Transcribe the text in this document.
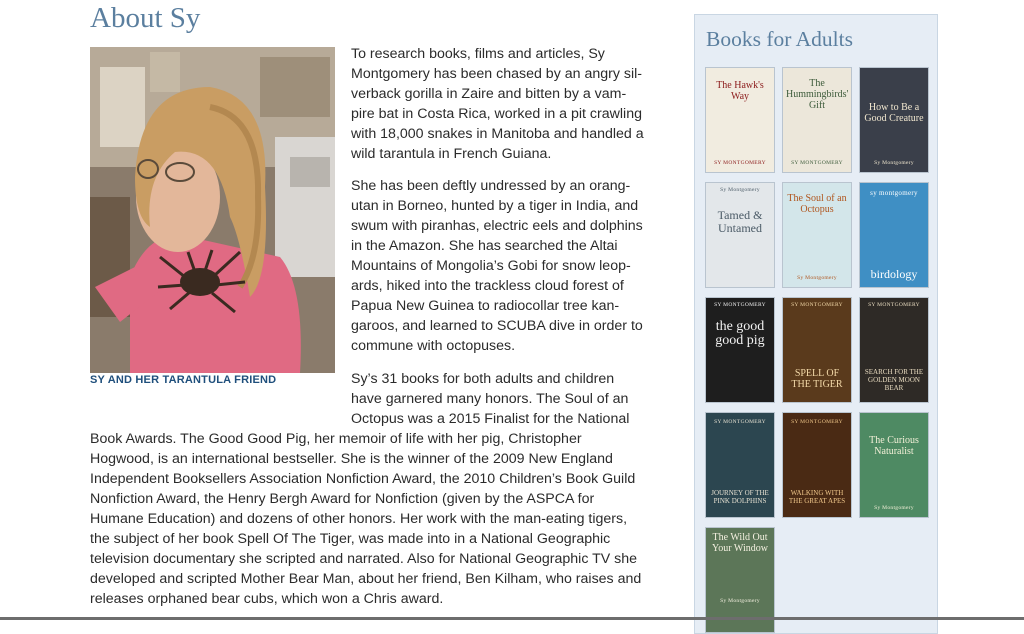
About Sy
SY AND HER TARANTULA FRIEND

To research books, films and articles, Sy
Montgomery has been chased by an angry sil-
verback gorilla in Zaire and bitten by a vam-
pire bat in Costa Rica, worked in a pit crawling
with 18,000 snakes in Manitoba and handled a
wild tarantula in French Guiana.

She has been deftly undressed by an orang-
utan in Borneo, hunted by a tiger in India, and
swum with piranhas, electric eels and dolphins
in the Amazon. She has searched the Altai
Mountains of Mongolia’s Gobi for snow leop-
ards, hiked into the trackless cloud forest of
Papua New Guinea to radiocollar tree kan-
garoos, and learned to SCUBA dive in order to
commune with octopuses.

Sy’s 31 books for both adults and children
have garnered many honors. The Soul of an
Octopus was a 2015 Finalist for the National

Book Awards. The Good Good Pig, her memoir of life with her pig, Christopher
Hogwood, is an international bestseller. She is the winner of the 2009 New England
Independent Booksellers Association Nonfiction Award, the 2010 Children’s Book Guild
Nonfiction Award, the Henry Bergh Award for Nonfiction (given by the ASPCA for
Humane Education) and dozens of other honors. Her work with the man-eating tigers,
the subject of her book Spell Of The Tiger, was made into in a National Geographic
television documentary she scripted and narrated. Also for National Geographic TV she
developed and scripted Mother Bear Man, about her friend, Ben Kilham, who raises and
releases orphaned bear cubs, which won a Chris award.

Books for Adults
The Hawk's Way
SY MONTGOMERY
The Hummingbirds' Gift
SY MONTGOMERY
How to Be a Good Creature
Sy Montgomery
Tamed & Untamed
Sy Montgomery
The Soul of an Octopus
Sy Montgomery	birdology
sy montgomery
the good good pig
SY MONTGOMERY
SPELL OF THE TIGER
SY MONTGOMERY
SEARCH FOR THE GOLDEN MOON BEAR
SY MONTGOMERY
JOURNEY OF THE PINK DOLPHINS
SY MONTGOMERY
WALKING WITH THE GREAT APES
SY MONTGOMERY
The Curious Naturalist
Sy Montgomery
The Wild Out Your Window
Sy Montgomery
